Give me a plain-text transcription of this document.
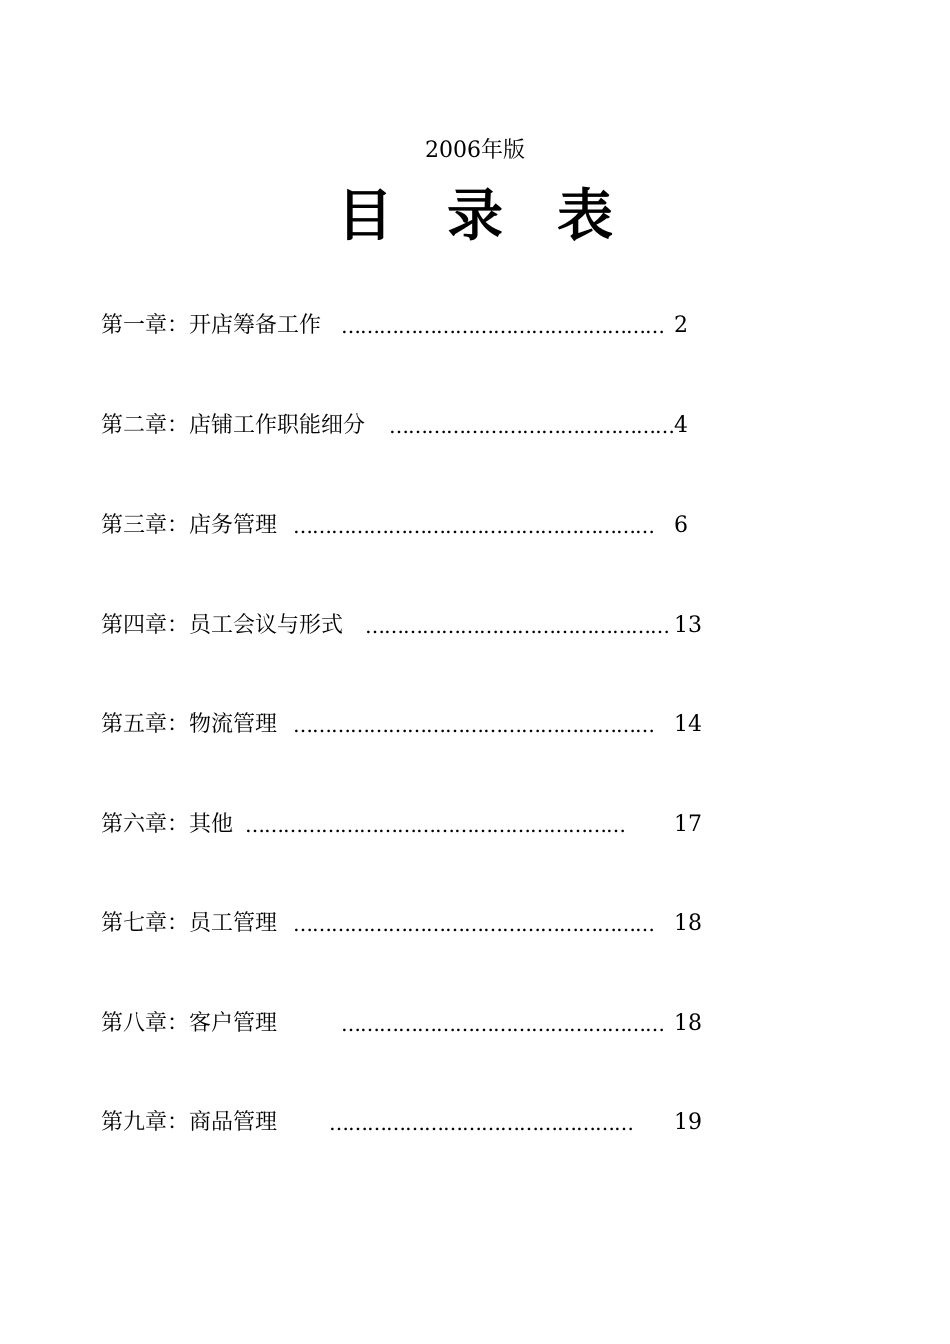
2006年版
目 录 表
第一章：开店筹备工作 …………………………………………… 2
第二章：店铺工作职能细分 ……………………………………… 4
第三章：店务管理 ………………………………………………… 6
第四章：员工会议与形式 ………………………………………… 13
第五章：物流管理 ………………………………………………… 14
第六章：其他 ……………………………………………………	17
第七章：员工管理 ………………………………………………… 18
第八章：客户管理	…………………………………………… 18
第九章：商品管理	…………………………………………	19
